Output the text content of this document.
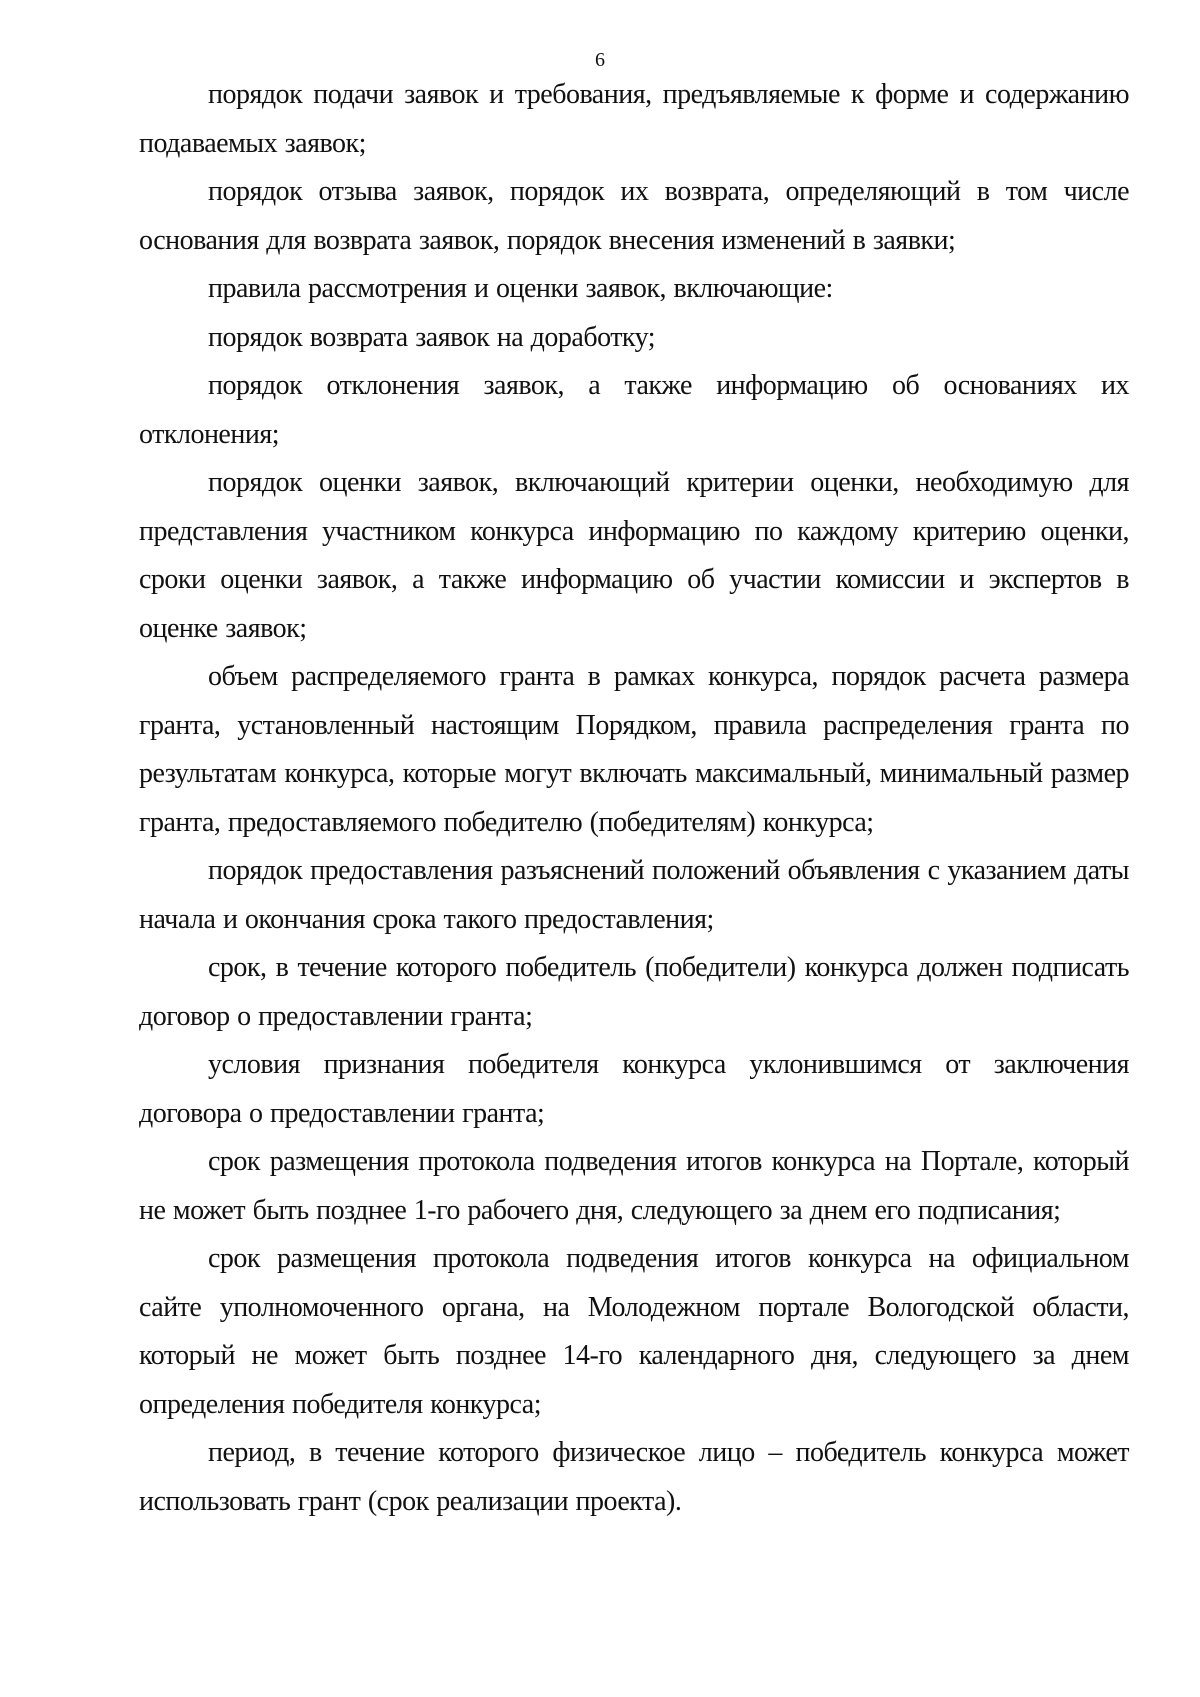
6

порядок подачи заявок и требования, предъявляемые к форме и содержанию подаваемых заявок;

порядок отзыва заявок, порядок их возврата, определяющий в том числе основания для возврата заявок, порядок внесения изменений в заявки;

правила рассмотрения и оценки заявок, включающие:

порядок возврата заявок на доработку;

порядок отклонения заявок, а также информацию об основаниях их отклонения;

порядок оценки заявок, включающий критерии оценки, необходимую для представления участником конкурса информацию по каждому критерию оценки, сроки оценки заявок, а также информацию об участии комиссии и экспертов в оценке заявок;

объем распределяемого гранта в рамках конкурса, порядок расчета размера гранта, установленный настоящим Порядком, правила распределения гранта по результатам конкурса, которые могут включать максимальный, минимальный размер гранта, предоставляемого победителю (победителям) конкурса;

порядок предоставления разъяснений положений объявления с указанием даты начала и окончания срока такого предоставления;

срок, в течение которого победитель (победители) конкурса должен подписать договор о предоставлении гранта;

условия признания победителя конкурса уклонившимся от заключения договора о предоставлении гранта;

срок размещения протокола подведения итогов конкурса на Портале, который не может быть позднее 1-го рабочего дня, следующего за днем его подписания;

срок размещения протокола подведения итогов конкурса на официальном сайте уполномоченного органа, на Молодежном портале Вологодской области, который не может быть позднее 14-го календарного дня, следующего за днем определения победителя конкурса;

период, в течение которого физическое лицо – победитель конкурса может использовать грант (срок реализации проекта).
